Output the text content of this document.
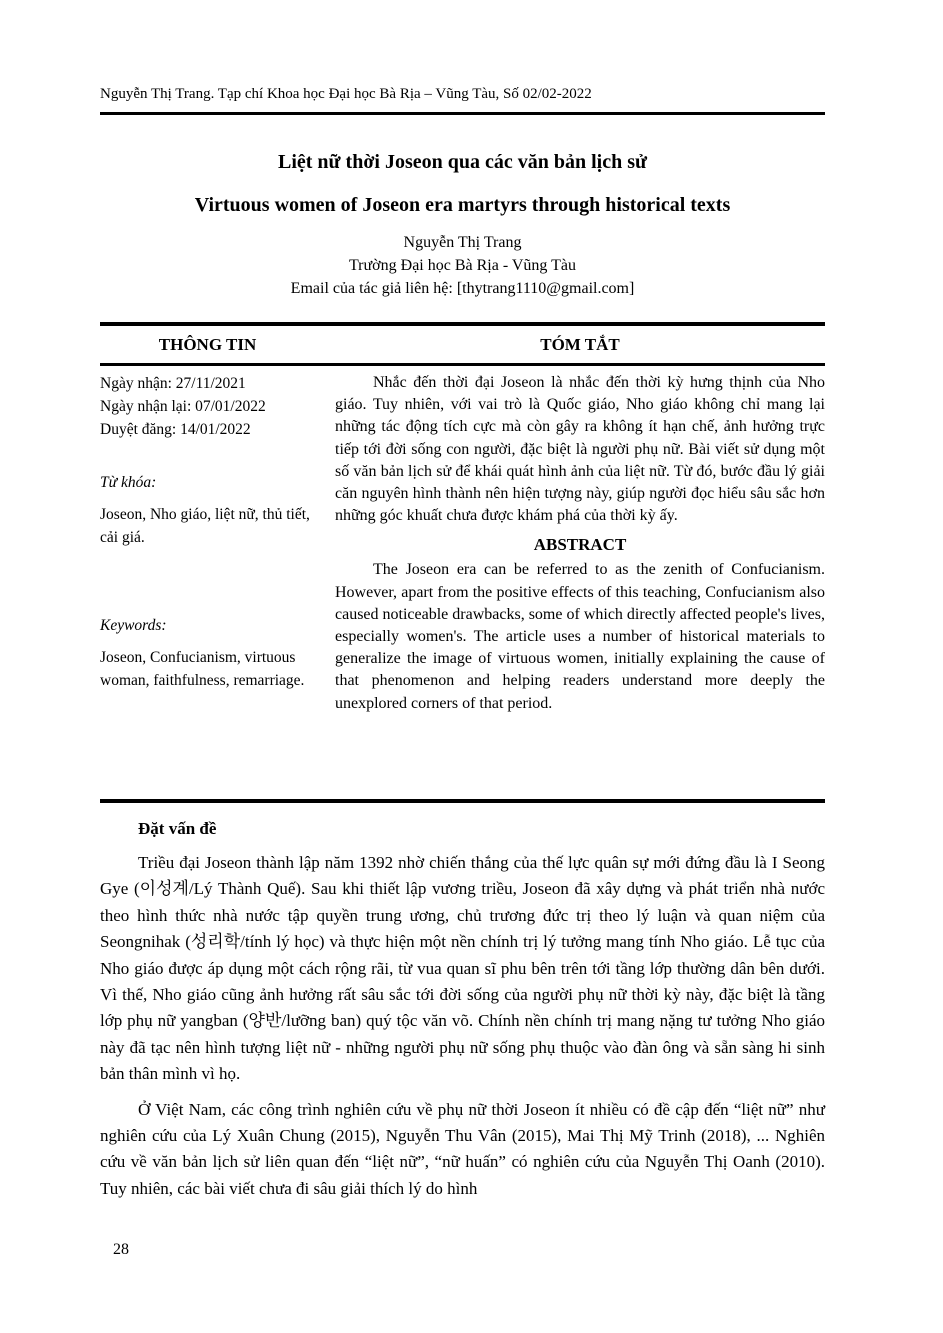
Nguyễn Thị Trang. Tạp chí Khoa học Đại học Bà Rịa – Vũng Tàu, Số 02/02-2022
Liệt nữ thời Joseon qua các văn bản lịch sử
Virtuous women of Joseon era martyrs through historical texts
Nguyễn Thị Trang
Trường Đại học Bà Rịa - Vũng Tàu
Email của tác giả liên hệ: [thytrang1110@gmail.com]
THÔNG TIN	TÓM TẮT
Ngày nhận: 27/11/2021
Ngày nhận lại: 07/01/2022
Duyệt đăng: 14/01/2022
Từ khóa:
Joseon, Nho giáo, liệt nữ, thủ tiết, cải giá.
Keywords:
Joseon, Confucianism, virtuous woman, faithfulness, remarriage.

Nhắc đến thời đại Joseon là nhắc đến thời kỳ hưng thịnh của Nho giáo. Tuy nhiên, với vai trò là Quốc giáo, Nho giáo không chỉ mang lại những tác động tích cực mà còn gây ra không ít hạn chế, ảnh hưởng trực tiếp tới đời sống con người, đặc biệt là người phụ nữ. Bài viết sử dụng một số văn bản lịch sử để khái quát hình ảnh của liệt nữ. Từ đó, bước đầu lý giải căn nguyên hình thành nên hiện tượng này, giúp người đọc hiểu sâu sắc hơn những góc khuất chưa được khám phá của thời kỳ ấy.

ABSTRACT

The Joseon era can be referred to as the zenith of Confucianism. However, apart from the positive effects of this teaching, Confucianism also caused noticeable drawbacks, some of which directly affected people's lives, especially women's. The article uses a number of historical materials to generalize the image of virtuous women, initially explaining the cause of that phenomenon and helping readers understand more deeply the unexplored corners of that period.

Đặt vấn đề

Triều đại Joseon thành lập năm 1392 nhờ chiến thắng của thế lực quân sự mới đứng đầu là I Seong Gye (이성계/Lý Thành Quế). Sau khi thiết lập vương triều, Joseon đã xây dựng và phát triển nhà nước theo hình thức nhà nước tập quyền trung ương, chủ trương đức trị theo lý luận và quan niệm của Seongnihak (성리학/tính lý học) và thực hiện một nền chính trị lý tưởng mang tính Nho giáo. Lễ tục của Nho giáo được áp dụng một cách rộng rãi, từ vua quan sĩ phu bên trên tới tầng lớp thường dân bên dưới. Vì thế, Nho giáo cũng ảnh hưởng rất sâu sắc tới đời sống của người phụ nữ thời kỳ này, đặc biệt là tầng lớp phụ nữ yangban (양반/lưỡng ban) quý tộc văn võ. Chính nền chính trị mang nặng tư tưởng Nho giáo này đã tạc nên hình tượng liệt nữ - những người phụ nữ sống phụ thuộc vào đàn ông và sẵn sàng hi sinh bản thân mình vì họ.

Ở Việt Nam, các công trình nghiên cứu về phụ nữ thời Joseon ít nhiều có đề cập đến “liệt nữ” như nghiên cứu của Lý Xuân Chung (2015), Nguyễn Thu Vân (2015), Mai Thị Mỹ Trinh (2018), ... Nghiên cứu về văn bản lịch sử liên quan đến “liệt nữ”, “nữ huấn” có nghiên cứu của Nguyễn Thị Oanh (2010). Tuy nhiên, các bài viết chưa đi sâu giải thích lý do hình

28
